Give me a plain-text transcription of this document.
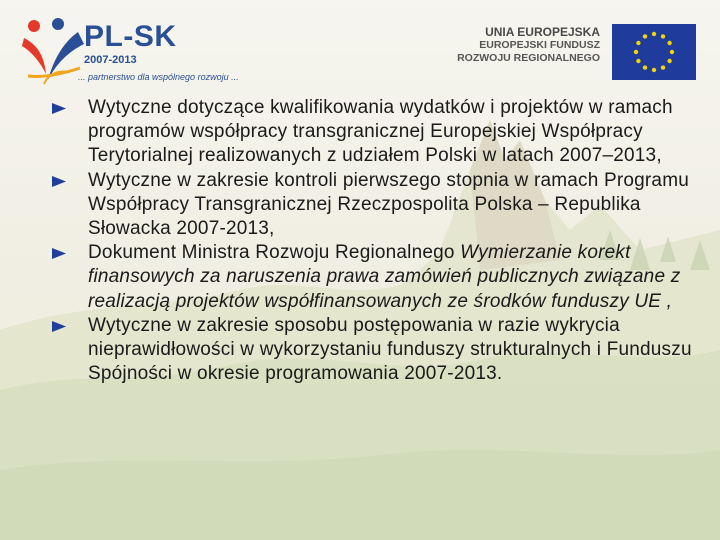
PL-SK
2007-2013
... partnerstwo dla wspólnego rozwoju ...
UNIA EUROPEJSKA
EUROPEJSKI FUNDUSZ
ROZWOJU REGIONALNEGO
Wytyczne dotyczące kwalifikowania wydatków i projektów w ramach programów współpracy transgranicznej Europejskiej Współpracy Terytorialnej realizowanych z udziałem Polski w latach 2007–2013,
Wytyczne w zakresie kontroli pierwszego stopnia w ramach Programu Współpracy Transgranicznej Rzeczpospolita Polska – Republika Słowacka 2007-2013,
Dokument Ministra Rozwoju Regionalnego Wymierzanie korekt finansowych za naruszenia prawa zamówień publicznych związane z realizacją projektów współfinansowanych ze środków funduszy UE ,
Wytyczne w zakresie sposobu postępowania w razie wykrycia nieprawidłowości w wykorzystaniu funduszy strukturalnych i Funduszu Spójności w okresie programowania 2007-2013.
